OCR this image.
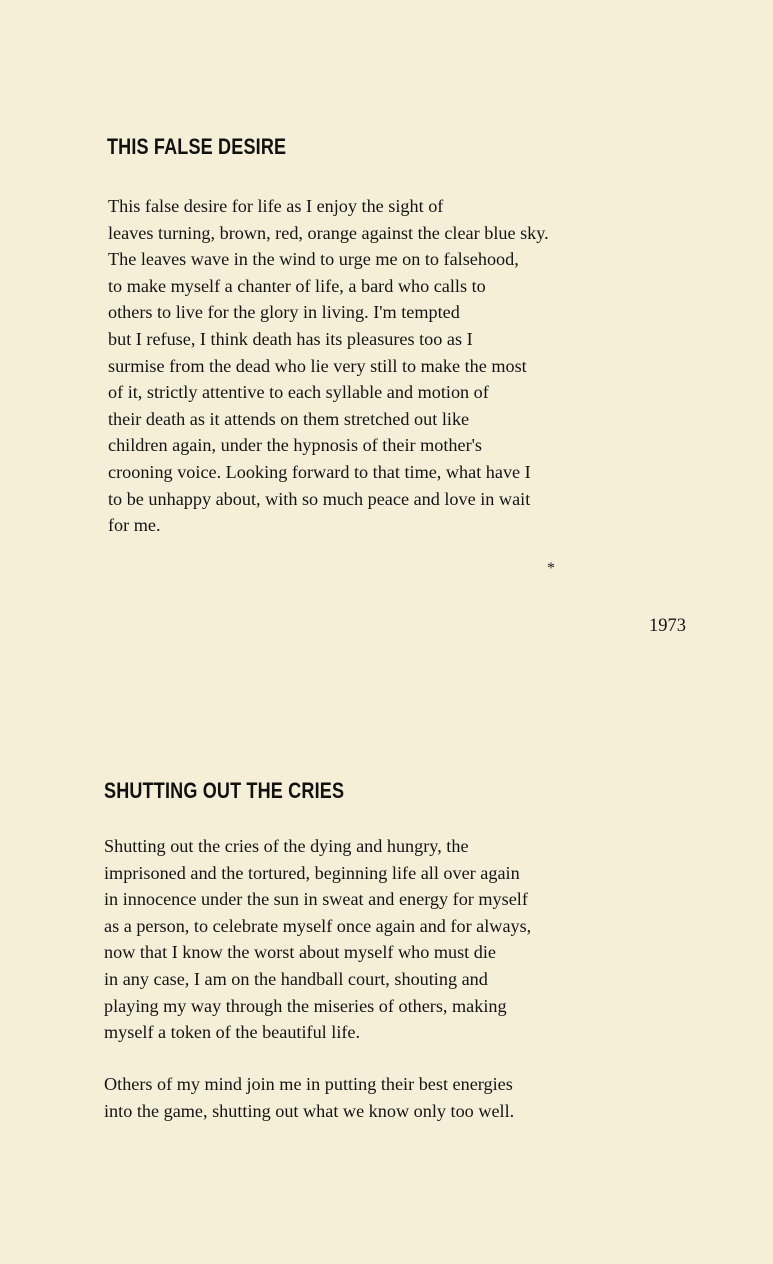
THIS FALSE DESIRE
This false desire for life as I enjoy the sight of
leaves turning, brown, red, orange against the clear blue sky.
The leaves wave in the wind to urge me on to falsehood,
to make myself a chanter of life, a bard who calls to
others to live for the glory in living. I'm tempted
but I refuse, I think death has its pleasures too as I
surmise from the dead who lie very still to make the most
of it, strictly attentive to each syllable and motion of
their death as it attends on them stretched out like
children again, under the hypnosis of their mother's
crooning voice. Looking forward to that time, what have I
to be unhappy about, with so much peace and love in wait
for me.
*
1973
SHUTTING OUT THE CRIES
Shutting out the cries of the dying and hungry, the
imprisoned and the tortured, beginning life all over again
in innocence under the sun in sweat and energy for myself
as a person, to celebrate myself once again and for always,
now that I know the worst about myself who must die
in any case, I am on the handball court, shouting and
playing my way through the miseries of others, making
myself a token of the beautiful life.
Others of my mind join me in putting their best energies
into the game, shutting out what we know only too well.
